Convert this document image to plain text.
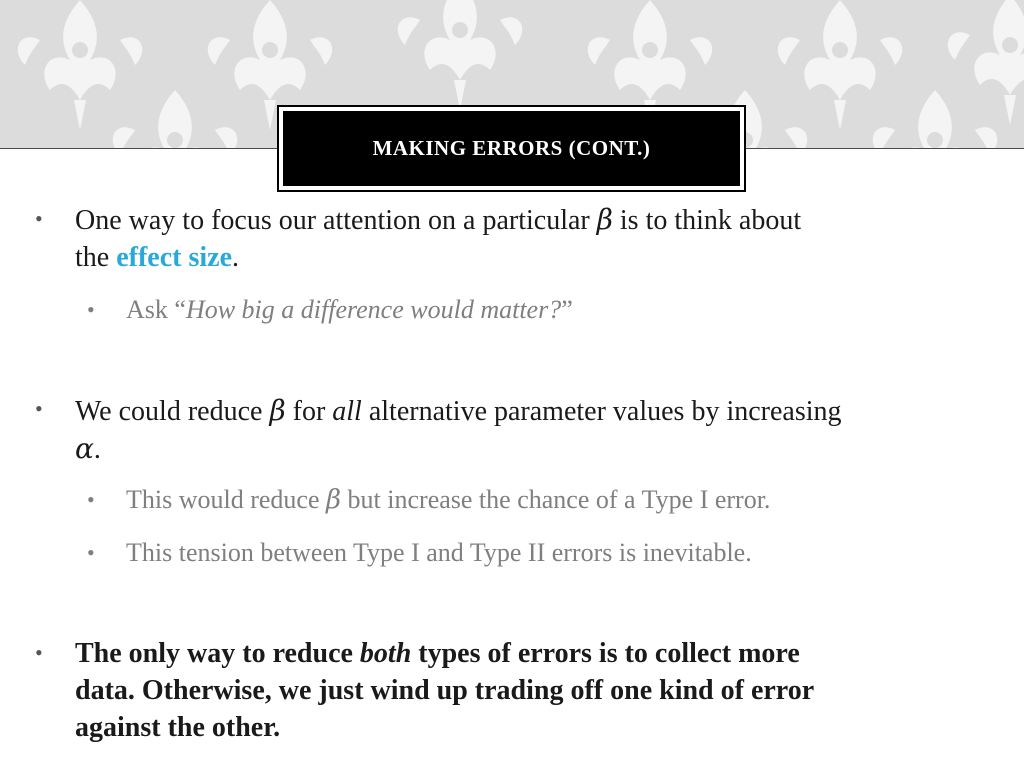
MAKING ERRORS (CONT.)
• One way to focus our attention on a particular β is to think about
the effect size.
• Ask “How big a difference would matter?”
• We could reduce β for all alternative parameter values by increasing
α.
• This would reduce β but increase the chance of a Type I error.
• This tension between Type I and Type II errors is inevitable.
• The only way to reduce both types of errors is to collect more
data. Otherwise, we just wind up trading off one kind of error
against the other.
